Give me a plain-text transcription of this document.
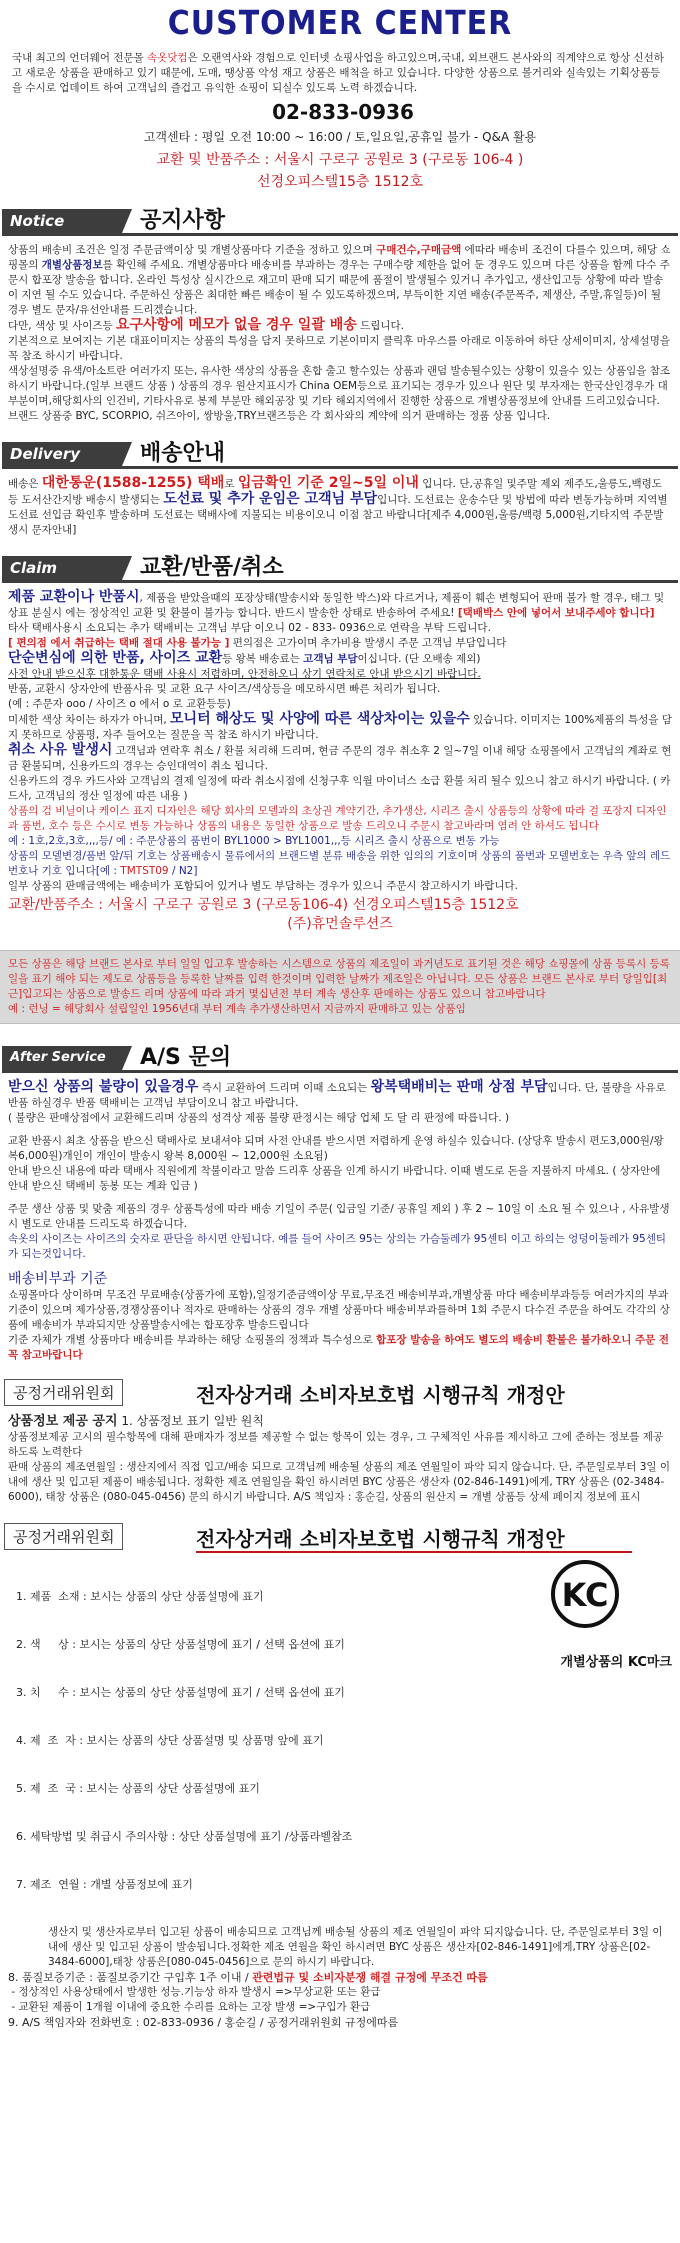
CUSTOMER CENTER

국내 최고의 언더웨어 전문몰 속옷닷컴은 오랜역사와 경험으로 인터넷 쇼핑사업을 하고있으며,국내, 외브랜드 본사와의 직계약으로 항상 신선하고 새로운 상품을 판매하고 있기 때문에, 도매, 땡상품 악성 재고 상품은 배척을 하고 있습니다. 다양한 상품으로 볼거리와 실속있는 기획상품등을 수시로 업데이트 하여 고객님의 즐겁고 유익한 쇼핑이 되실수 있도록 노력 하겠습니다.

02-833-0936
고객센타 : 평일 오전 10:00 ~ 16:00 / 토,일요일,공휴일 불가 - Q&A 활용
교환 및 반품주소 : 서울시 구로구 공원로 3 (구로동 106-4 )
선경오피스텔15층 1512호
Notice	공지사항

상품의 배송비 조건은 일정 주문금액이상 및 개별상품마다 기준을 정하고 있으며 구매건수,구매금액 에따라 배송비 조건이 다를수 있으며, 해당 쇼핑몰의 개별상품정보를 확인해 주세요. 개별상품마다 배송비를 부과하는 경우는 구매수량 제한을 없어 둔 경우도 있으며 다른 상품을 함께 다수 주문시 합포장 발송을 합니다. 온라인 특성상 실시간으로 재고미 판매 되기 때문에 품절이 발생될수 있거니 추가입고, 생산입고등 상황에 따라 발송이 지연 될 수도 있습니다. 주문하신 상품은 최대한 빠른 배송이 될 수 있도록하겠으며, 부득이한 지연 배송(주문폭주, 제생산, 주말,휴일등)이 될 경우 별도 문자/유선안내를 드리겠습니다.

다만, 색상 및 사이즈등 요구사항에 메모가 없을 경우 일괄 배송 드립니다.

기본적으로 보여지는 기본 대표이미지는 상품의 특성을 담지 못하므로 기본이미지 클릭후 마우스를 아래로 이동하여 하단 상세이미지, 상세설명을 꼭 참조 하시기 바랍니다.

색상설명중 유색/아소트란 여러가지 또는, 유사한 색상의 상품을 혼합 출고 할수있는 상품과 랜덤 발송될수있는 상황이 있을수 있는 상품임을 참조하시기 바랍니다.(일부 브랜드 상품 ) 상품의 경우 원산지표시가 China OEM등으로 표기되는 경우가 있으나 원단 및 부자재는 한국산인경우가 대부분이며,해당회사의 인건비, 기타사유로 봉제 부분만 해외공장 및 기타 해외지역에서 진행한 상품으로 개별상품정보에 안내를 드리고있습니다. 브랜드 상품중 BYC, SCORPIO, 쉬즈아이, 쌍방울,TRY브랜즈등은 각 회사와의 계약에 의거 판매하는 정품 상품 입니다.

Delivery	배송안내

배송은 대한통운(1588-1255) 택배로 입금확인 기준 2일~5일 이내 입니다. 단,공휴일 및주말 제외 제주도,울릉도,백령도등 도서산간지방 배송시 발생되는 도선료 및 추가 운임은 고객님 부담입니다. 도선료는 운송수단 및 방법에 따라 변동가능하며 지역별 도선료 선입금 확인후 발송하며 도선료는 택배사에 지불되는 비용이오니 이점 참고 바랍니다[제주 4,000원,울릉/백령 5,000원,기타지역 주문발생시 문자안내]

Claim	교환/반품/취소

제품 교환이나 반품시, 제품을 받았을때의 포장상태(발송시와 동일한 박스)와 다르거나, 제품이 훼손 변형되어 판매 불가 할 경우, 태그 및 상표 분실시 에는 정상적인 교환 및 환불이 불가능 합니다. 반드시 발송한 상태로 반송하여 주세요! [택배박스 안에 넣어서 보내주세야 합니다]

타사 택배사용시 소요되는 추가 택배비는 고객님 부담 이오니 02 - 833- 0936으로 연락을 부탁 드립니다.

[ 편의점 에서 취급하는 택배 절대 사용 불가능 ] 편의점은 고가이며 추가비용 발생시 주문 고객님 부담입니다

단순변심에 의한 반품, 사이즈 교환등 왕복 배송료는 고객님 부담이십니다. (단 오배송 제외)

사전 안내 받으신후 대한통운 택배 사용시 저렴하며, 안전하오니 상기 연락처로 안내 받으시기 바랍니다.

반품, 교환시 상자안에 반품사유 및 교환 요구 사이즈/색상등을 메모하시면 빠른 처리가 됩니다.

(예 : 주문자 ooo / 사이즈 o 에서 o 로 교환등등)

미세한 색상 차이는 하자가 아니며, 모니터 해상도 및 사양에 따른 색상차이는 있을수 있습니다. 이미지는 100%제품의 특성을 담지 못하므로 상품평, 자주 들어오는 질문을 꼭 참조 하시기 바랍니다.

취소 사유 발생시 고객님과 연락후 취소 / 환불 처리해 드리며, 현금 주문의 경우 취소후 2 일~7일 이내 해당 쇼핑몰에서 고객님의 계좌로 현금 환불되며, 신용카드의 경우는 승인대역이 취소 됩니다.

신용카드의 경우 카드사와 고객님의 결제 일정에 따라 취소시점에 신청구후 익월 마이너스 소급 환불 처리 될수 있으니 참고 하시기 바랍니다. ( 카드사, 고객님의 정산 일정에 따른 내용 )

상품의 검 비닐이나 케이스 표지 디자인은 해당 회사의 모델과의 초상권 계약기간, 추가생산, 시리즈 출시 상품등의 상황에 따라 걸 포장지 디자인과 품번, 호수 등은 수시로 변동 가능하나 상품의 내용은 동일한 상품으로 발송 드리오니 주문시 참고바라며 염려 안 하셔도 됩니다

예 : 1호,2호,3호,,,,등/ 예 : 주문상품의 품번이 BYL1000 > BYL1001,,,등 시리즈 출시 상품으로 변동 가능

상품의 모델변경/품번 앞/뒤 기호는 상품배송시 물류에서의 브랜드별 분류 배송을 위한 임의의 기호이며 상품의 품번과 모델번호는 우측 앞의 레드 번호나 기호 입니다[예 : TMTST09 / N2]

일부 상품의 판매금액에는 배송비가 포함되어 있거나 별도 부담하는 경우가 있으니 주문시 참고하시기 바랍니다.

교환/반품주소 : 서울시 구로구 공원로 3 (구로동106-4) 선경오피스텔15층 1512호

(주)휴먼솔루션즈

모든 상품은 해당 브랜드 본사로 부터 일일 입고후 발송하는 시스템으로 상품의 제조일이 과거년도로 표기된 것은 해당 쇼핑몰에 상품 등록시 등록일을 표기 해야 되는 제도로 상품등을 등록한 날짜를 입력 한것이며 입력한 날짜가 제조일은 아닙니다. 모든 상품은 브랜드 본사로 부터 당일입[최근]입고되는 상품으로 발송드 리며 상품에 따라 과거 몇십년전 부터 계속 생산후 판매하는 상품도 있으니 참고바랍니다

예 : 런닝 = 해당회사 설립일인 1956년대 부터 계속 추가생산하면서 지금까지 판매하고 있는 상품임

After Service	A/S 문의

받으신 상품의 불량이 있을경우 즉시 교환하여 드리며 이때 소요되는 왕복택배비는 판매 상점 부담입니다. 단, 불량을 사유로 반품 하실경우 반품 택배비는 고객님 부담이오니 참고 바랍니다.

( 불량은 판매상점에서 교환해드리며 상품의 성격상 제품 불량 판정시는 해당 업체 도 달 리 판정에 따릅니다. )

교환 반품시 최초 상품을 받으신 택배사로 보내셔야 되며 사전 안내를 받으시면 저렴하게 운영 하실수 있습니다. (상당후 발송시 편도3,000원/왕복6,000원)개인이 개인이 발송시 왕복 8,000원 ~ 12,000원 소요됨)

안내 받으신 내용에 따라 택배사 직원에게 착불이라고 말씀 드리후 상품을 인계 하시기 바랍니다. 이때 별도로 돈을 지불하지 마세요. ( 상자안에 안내 받으신 택배비 동봉 또는 계좌 입금 )

주문 생산 상품 및 맞춤 제품의 경우 상품특성에 따라 배송 기일이 주문( 입금일 기준/ 공휴일 제외 ) 후 2 ~ 10일 이 소요 될 수 있으나 , 사유발생시 별도로 안내를 드리도록 하겠습니다.

속옷의 사이즈는 사이즈의 숫자로 판단을 하시면 안됩니다. 예를 들어 사이즈 95는 상의는 가슴둘레가 95센티 이고 하의는 엉덩이둘레가 95센티가 되는것입니다.

배송비부과 기준

쇼핑몰마다 상이하며 무조건 무료배송(상품가에 포함),일정기준금액이상 무료,무조건 배송비부과,개별상품 마다 배송비부과등등 여러가지의 부과 기준이 있으며 제가상품,경쟁상품이나 적자로 판매하는 상품의 경우 개별 상품마다 배송비부과를하며 1회 주문시 다수건 주문을 하여도 각각의 상품에 배송비가 부과되지만 상품발송시에는 합포장후 발송드립니다

기준 자체가 개별 상품마다 배송비를 부과하는 해당 쇼핑몰의 정책과 특수성으로 합포장 발송을 하여도 별도의 배송비 환불은 불가하오니 주문 전 꼭 참고바랍니다

공정거래위원회	전자상거래 소비자보호법 시행규칙 개정안
상품정보 제공 공지 1. 상품정보 표기 일반 원칙

상품정보제공 고시의 필수항목에 대해 판매자가 정보를 제공할 수 없는 항목이 있는 경우, 그 구체적인 사유를 제시하고 그에 준하는 정보를 제공하도록 노력한다

판매 상품의 제조연월일 : 생산지에서 직접 입고/배송 되므로 고객님께 배송될 상품의 제조 연월일이 파악 되지 않습니다. 단, 주문일로부터 3일 이내에 생산 및 입고된 제품이 배송됩니다. 정확한 제조 연월일을 확인 하시려면 BYC 상품은 생산자 (02-846-1491)에게, TRY 상품은 (02-3484-6000), 태창 상품은 (080-045-0456) 문의 하시기 바랍니다. A/S 책임자 : 홍순길, 상품의 원산지 = 개별 상품등 상세 페이지 정보에 표시

공정거래위원회	전자상거래 소비자보호법 시행규칙 개정안

1. 제품  소재 : 보시는 상품의 상단 상품설명에 표기

2. 색     상 : 보시는 상품의 상단 상품설명에 표기 / 선택 옵션에 표기

3. 치     수 : 보시는 상품의 상단 상품설명에 표기 / 선택 옵션에 표기

4. 제  조  자 : 보시는 상품의 상단 상품설명 및 상품명 앞에 표기

5. 제  조  국 : 보시는 상품의 상단 상품설명에 표기

6. 세탁방법 및 취급시 주의사항 : 상단 상품설명에 표기 /상품라벨참조

7. 제조  연월 : 개별 상품정보에 표기

KC
개별상품의 KC마크

생산지 및 생산자로부터 입고된 상품이 배송되므로 고객님께 배송될 상품의 제조 연월일이 파악 되지않습니다. 단, 주문일로부터 3일 이내에 생산 및 입고된 상품이 발송됩니다.정확한 제조 연월을 확인 하시려면 BYC 상품은 생산자[02-846-1491]에게,TRY 상품은[02-3484-6000],태창 상품은[080-045-0456]으로 문의 하시기 바랍니다.

8. 품질보증기준 : 품질보증기간 구입후 1주 이내 / 관련법규 및 소비자분쟁 해결 규정에 무조건 따름

- 정상적인 사용상태에서 발생한 성능.기능상 하자 발생시 =>무상교환 또는 환급

- 교환된 제품이 1개월 이내에 중요한 수리를 요하는 고장 발생 =>구입가 환급

9. A/S 책임자와 전화번호 : 02-833-0936 / 홍순길 / 공정거래위원회 규정에따름
